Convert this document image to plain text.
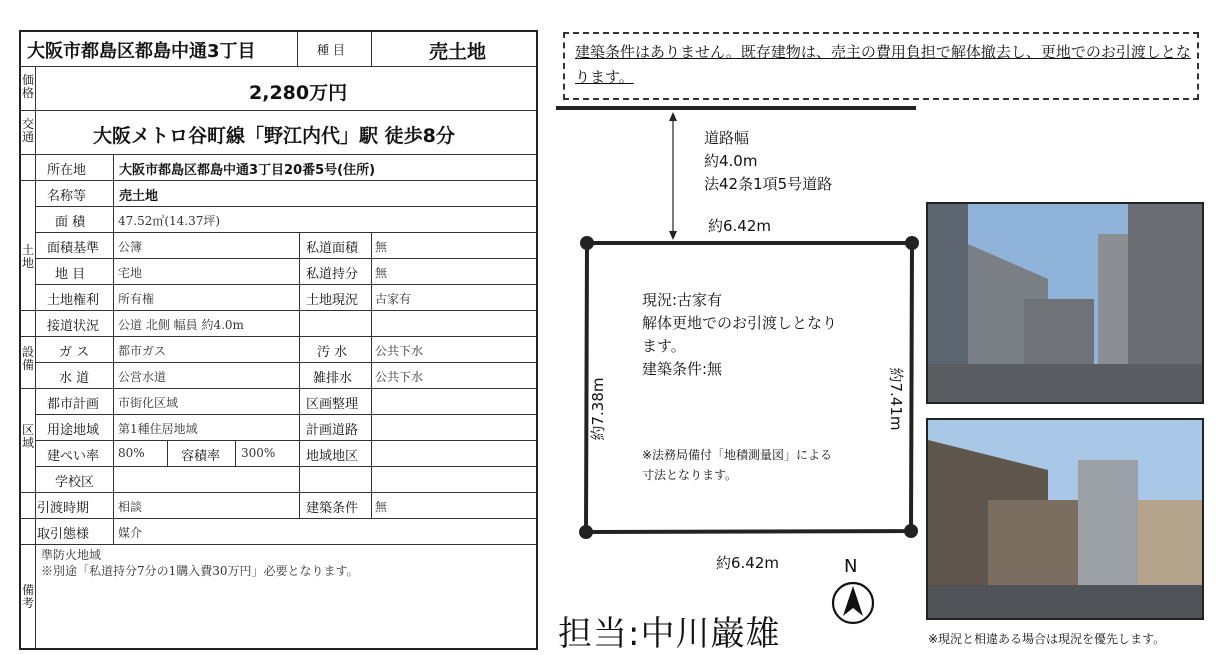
大阪市都島区都島中通3丁目	種 目	売土地
価格	2,280万円
交通	大阪メトロ谷町線「野江内代」駅 徒歩8分
所在地	大阪市都島区都島中通3丁目20番5号(住所)
名称等	売土地
土地
面 積	47.52㎡(14.37坪)
面積基準 公簿	私道面積 無
地 目	宅地	私道持分 無
土地権利 所有権	土地現況 古家有
接道状況 公道 北側 幅員 約4.0m
設備
ガ ス 都市ガス	汚 水 公共下水
水 道 公営水道	雑排水 公共下水
区域
都市計画 市街化区域	区画整理
用途地域 第1種住居地域	計画道路
建ぺい率 80%	容積率 300% 地域地区
学校区
引渡時期 相談	建築条件 無
取引態様 媒介
備考
準防火地域
※別途「私道持分7分の1購入費30万円」必要となります。
建築条件はありません。既存建物は、売主の費用負担で解体撤去し、更地でのお引渡しとなります。
道路幅
約4.0m
法42条1項5号道路
約6.42m
約6.42m
約7.38m	約7.41m
現況:古家有
解体更地でのお引渡しとなり
ます。
建築条件:無
※法務局備付「地積測量図」による
寸法となります。
N
担当:中川巌雄	※現況と相違ある場合は現況を優先します。
